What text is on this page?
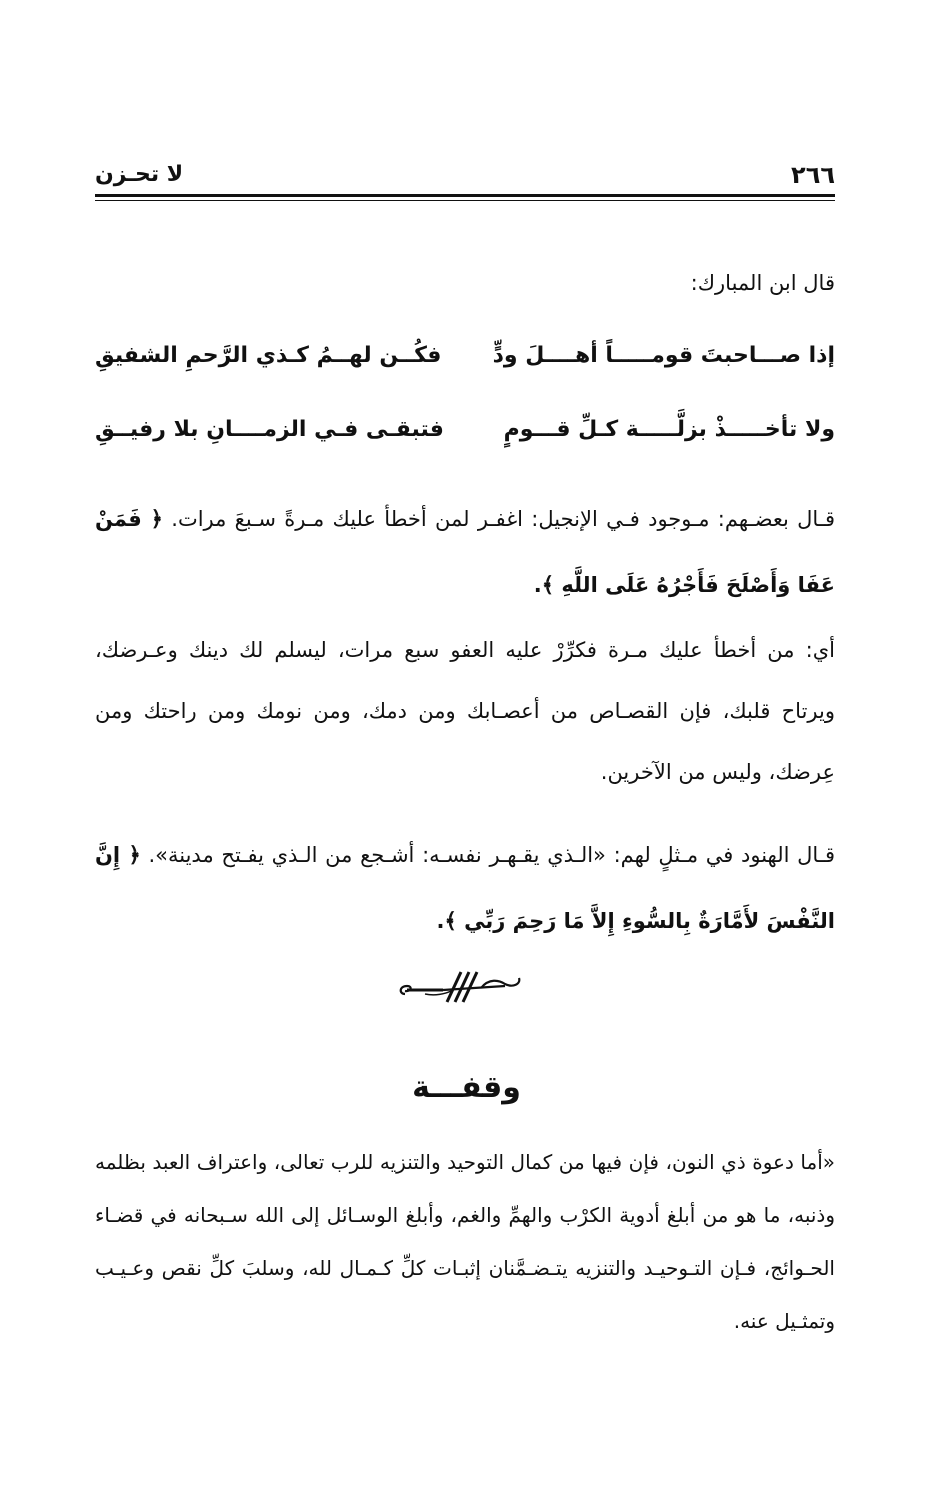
٢٦٦

لا تحـزن

قال ابن المبارك:

إذا صـــاحبتَ قومـــــاً أهــــلَ ودٍّ
فكُــن لهــمُ كـذي الرَّحمِ الشفيقِ
ولا تأخـــــذْ بزلَّـــــة كـلِّ قـــومٍ
فتبقـى فـي الزمــــانِ بلا رفيــقِ

قـال بعضـهم: مـوجود فـي الإنجيل: اغفـر لمن أخطأ عليك مـرةً سـبعَ مرات. ﴿ فَمَنْ عَفَا وَأَصْلَحَ فَأَجْرُهُ عَلَى اللَّهِ ﴾.

أي: من أخطأ عليك مـرة فكرِّرْ عليه العفو سبع مرات، ليسلم لك دينك وعـرضك، ويرتاح قلبك، فإن القصـاص من أعصـابك ومن دمك، ومن نومك ومن راحتك ومن عِرضك، وليس من الآخرين.

قـال الهنود في مـثلٍ لهم: «الـذي يقـهـر نفسـه: أشـجع من الـذي يفـتح مدينة». ﴿ إِنَّ النَّفْسَ لأَمَّارَةٌ بِالسُّوءِ إِلاَّ مَا رَحِمَ رَبِّي ﴾.

وقفـــة

«أما دعوة ذي النون، فإن فيها من كمال التوحيد والتنزيه للرب تعالى، واعتراف العبد بظلمه وذنبه، ما هو من أبلغ أدوية الكرْب والهمِّ والغم، وأبلغ الوسـائل إلى الله سـبحانه في قضـاء الحـوائج، فـإن التـوحيـد والتنزيه يتـضـمَّنان إثبـات كلِّ كـمـال لله، وسلبَ كلِّ نقص وعـيـب وتمثـيل عنه.
